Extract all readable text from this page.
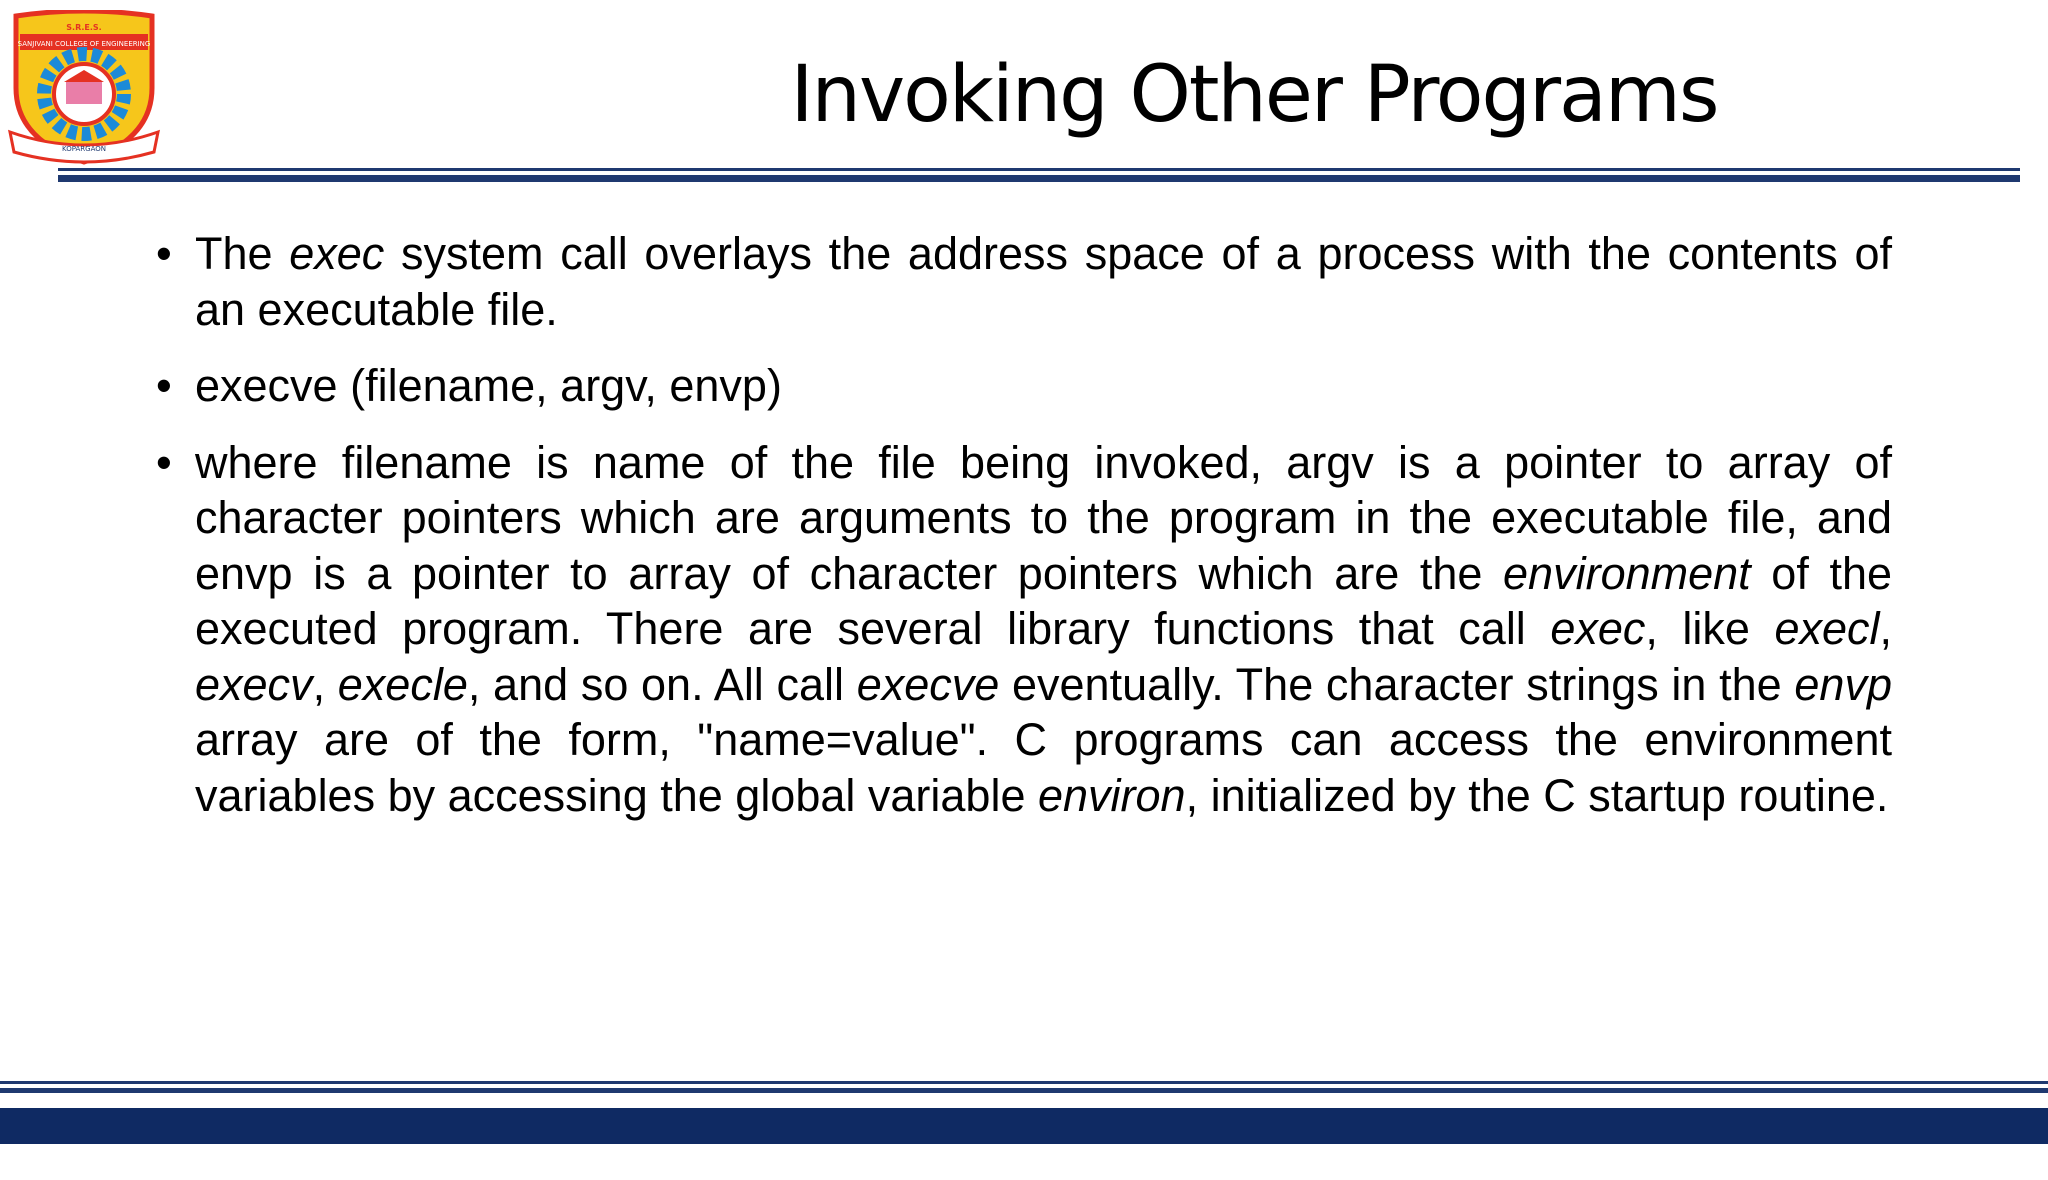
S.R.E.S.
SANJIVANI COLLEGE OF ENGINEERING
KOPARGAON
Invoking Other Programs
• The exec system call overlays the address space of a process with the contents of an executable file.
• execve (filename, argv, envp)
• where filename is name of the file being invoked, argv is a pointer to array of character pointers which are arguments to the program in the executable file, and envp is a pointer to array of character pointers which are the environment of the executed program. There are several library functions that call exec, like execl, execv, execle, and so on. All call execve eventually. The character strings in the envp array are of the form, "name=value". C programs can access the environment variables by accessing the global variable environ, initialized by the C startup routine.

DEPARTMENT OF COMPUTER ENGINEERING,  Sanjivani COE, Kopargaon
